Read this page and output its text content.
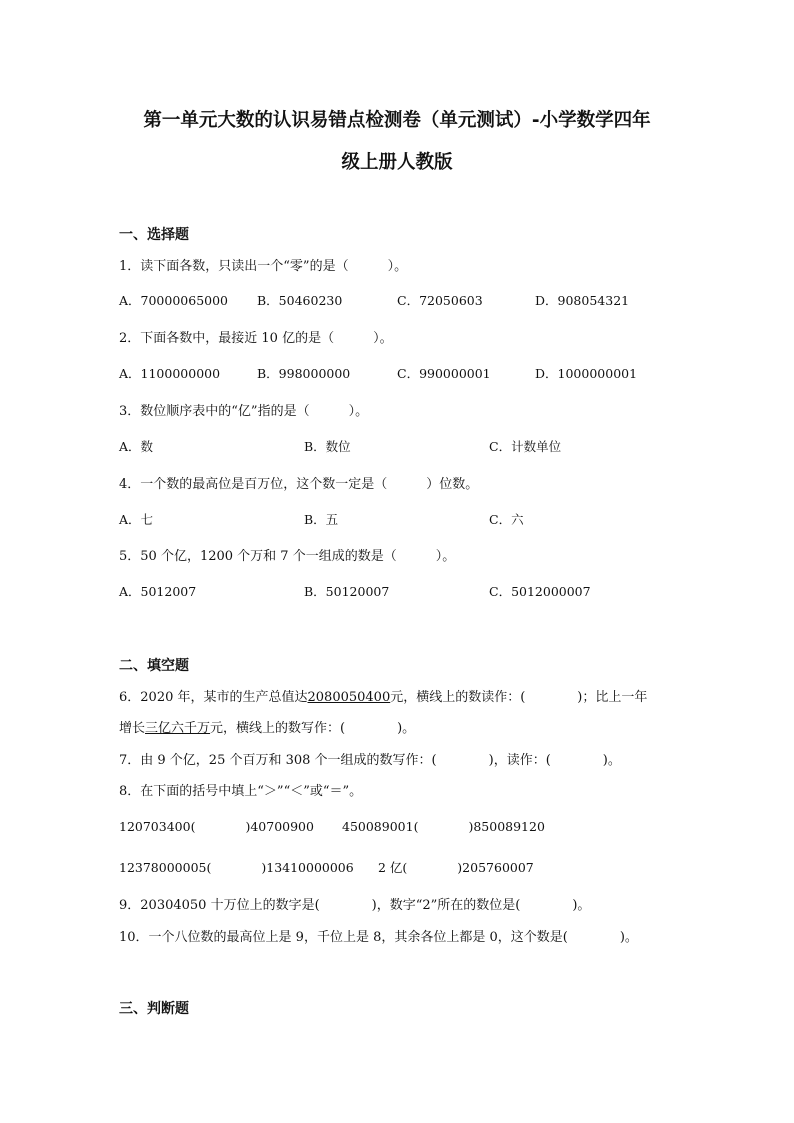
第一单元大数的认识易错点检测卷（单元测试）-小学数学四年
级上册人教版
一、选择题
1．读下面各数，只读出一个“零”的是（　　　）。
A．70000065000 B．50460230	C．72050603	D．908054321
2．下面各数中，最接近 10 亿的是（　　　）。
A．1100000000	B．998000000	C．990000001	D．1000000001
3．数位顺序表中的“亿”指的是（　　　）。
A．数	B．数位	C．计数单位
4．一个数的最高位是百万位，这个数一定是（　　　）位数。
A．七	B．五	C．六
5．50 个亿，1200 个万和 7 个一组成的数是（　　　）。
A．5012007	B．50120007	C．5012000007
二、填空题
6．2020 年，某市的生产总值达2080050400元，横线上的数读作：(　　　　)；比上一年
增长三亿六千万元，横线上的数写作：(　　　　)。
7．由 9 个亿，25 个百万和 308 个一组成的数写作：(　　　　)，读作：(　　　　)。
8．在下面的括号中填上“＞”“＜”或“＝”。
120703400(　　　　)40700900 450089001(　　　　)850089120
12378000005(　　　　)13410000006 2 亿(　　　　)205760007
9．20304050 十万位上的数字是(　　　　)，数字“2”所在的数位是(　　　　)。
10．一个八位数的最高位上是 9，千位上是 8，其余各位上都是 0，这个数是(　　　　)。
三、判断题
